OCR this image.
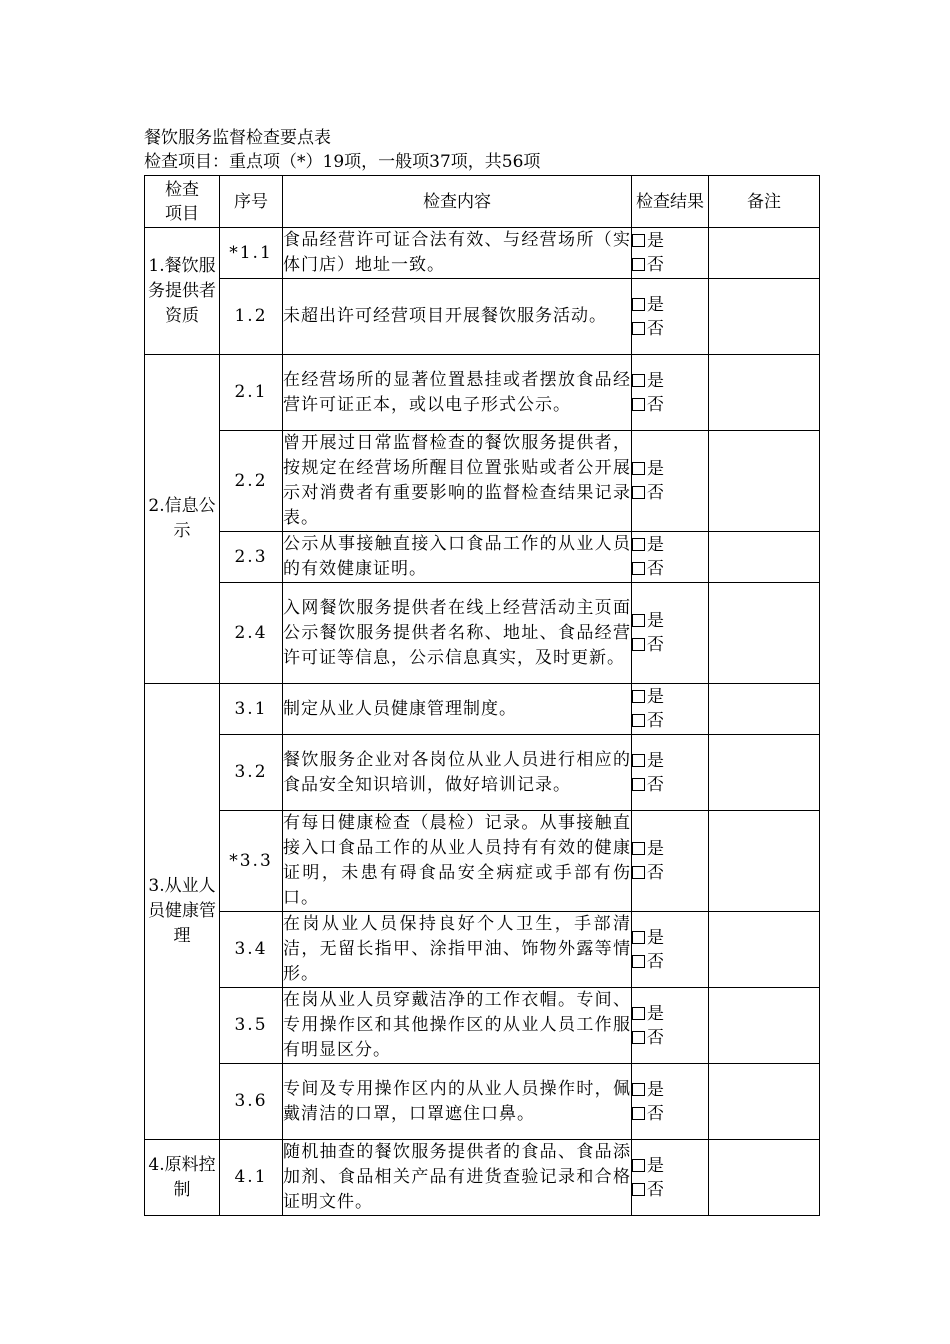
餐饮服务监督检查要点表
检查项目：重点项（*）19项，一般项37项，共56项
检查项目	序号	检查内容	检查结果	备注

1.餐饮服务提供者资质	*1.1	食品经营许可证合法有效、与经营场所（实体门店）地址一致。	是
否	

	1.2	未超出许可经营项目开展餐饮服务活动。	是
否	

2.信息公示	2.1	在经营场所的显著位置悬挂或者摆放食品经营许可证正本，或以电子形式公示。	是
否	

	2.2	曾开展过日常监督检查的餐饮服务提供者，按规定在经营场所醒目位置张贴或者公开展示对消费者有重要影响的监督检查结果记录表。	是
否	

	2.3	公示从事接触直接入口食品工作的从业人员的有效健康证明。	是
否	

	2.4	入网餐饮服务提供者在线上经营活动主页面公示餐饮服务提供者名称、地址、食品经营许可证等信息，公示信息真实，及时更新。	是
否	

3.从业人员健康管理	3.1	制定从业人员健康管理制度。	是
否	

	3.2	餐饮服务企业对各岗位从业人员进行相应的食品安全知识培训，做好培训记录。	是
否	

	*3.3	有每日健康检查（晨检）记录。从事接触直接入口食品工作的从业人员持有有效的健康证明，未患有碍食品安全病症或手部有伤口。	是
否	

	3.4	在岗从业人员保持良好个人卫生，手部清洁，无留长指甲、涂指甲油、饰物外露等情形。	是
否	

	3.5	在岗从业人员穿戴洁净的工作衣帽。专间、专用操作区和其他操作区的从业人员工作服有明显区分。	是
否	

	3.6	专间及专用操作区内的从业人员操作时，佩戴清洁的口罩，口罩遮住口鼻。	是
否	

4.原料控制	4.1	随机抽查的餐饮服务提供者的食品、食品添加剂、食品相关产品有进货查验记录和合格证明文件。	是
否	
